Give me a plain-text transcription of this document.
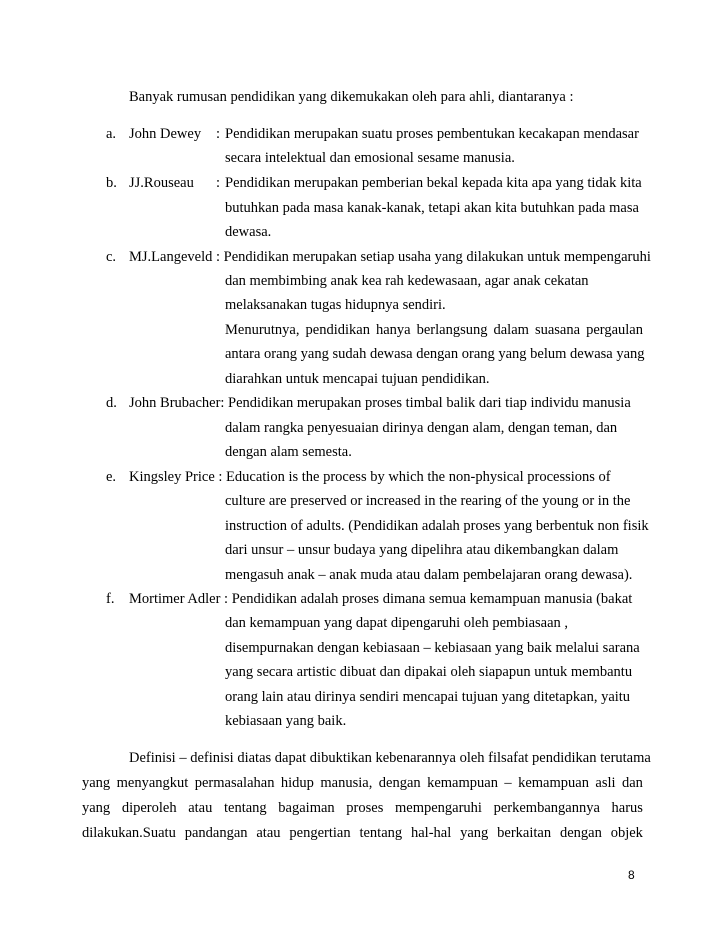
Banyak rumusan pendidikan yang dikemukakan oleh para ahli, diantaranya :
a. John Dewey : Pendidikan merupakan suatu proses pembentukan kecakapan mendasar
secara intelektual dan emosional sesame manusia.
b. JJ.Rouseau : Pendidikan merupakan pemberian bekal kepada kita apa yang tidak kita
butuhkan pada masa kanak-kanak, tetapi akan kita butuhkan pada masa
dewasa.
c. MJ.Langeveld : Pendidikan merupakan setiap usaha yang dilakukan untuk mempengaruhi
dan membimbing anak kea rah kedewasaan, agar anak cekatan
melaksanakan tugas hidupnya sendiri.
Menurutnya, pendidikan hanya berlangsung dalam suasana pergaulan
antara orang yang sudah dewasa dengan orang yang belum dewasa yang
diarahkan untuk mencapai tujuan pendidikan.
d. John Brubacher: Pendidikan merupakan proses timbal balik dari tiap individu manusia
dalam rangka penyesuaian dirinya dengan alam, dengan teman, dan
dengan alam semesta.
e. Kingsley Price : Education is the process by which the non-physical processions of
culture are preserved or increased in the rearing of the young or in the
instruction of adults. (Pendidikan adalah proses yang berbentuk non fisik
dari unsur – unsur budaya yang dipelihra atau dikembangkan dalam
mengasuh anak – anak muda atau dalam pembelajaran orang dewasa).
f. Mortimer Adler : Pendidikan adalah proses dimana semua kemampuan manusia (bakat
dan kemampuan yang dapat dipengaruhi oleh pembiasaan ,
disempurnakan dengan kebiasaan – kebiasaan yang baik melalui sarana
yang secara artistic dibuat dan dipakai oleh siapapun untuk membantu
orang lain atau dirinya sendiri mencapai tujuan yang ditetapkan, yaitu
kebiasaan yang baik.
Definisi – definisi diatas dapat dibuktikan kebenarannya oleh filsafat pendidikan terutama
yang menyangkut permasalahan hidup manusia, dengan kemampuan – kemampuan asli dan
yang diperoleh atau tentang bagaiman proses mempengaruhi perkembangannya harus
dilakukan.Suatu pandangan atau pengertian tentang hal-hal yang berkaitan dengan objek
8
